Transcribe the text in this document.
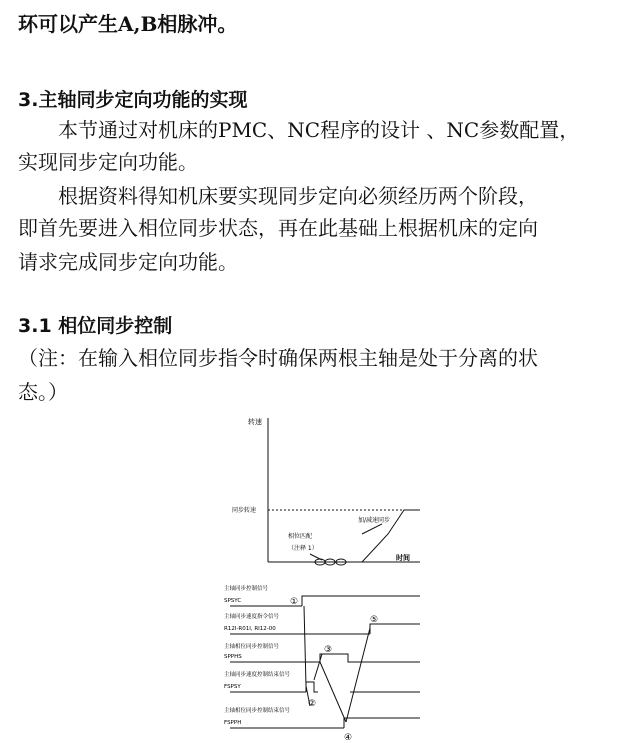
环可以产生A,B相脉冲。
3.主轴同步定向功能的实现
本节通过对机床的PMC、NC程序的设计 、NC参数配置，
实现同步定向功能。
根据资料得知机床要实现同步定向必须经历两个阶段，
即首先要进入相位同步状态，再在此基础上根据机床的定向
请求完成同步定向功能。
3.1 相位同步控制
（注：在输入相位同步指令时确保两根主轴是处于分离的状
态。）
转速
时间
同步转速
加/减速同步
相位匹配
（注释 1）
主轴同步控制信号
SPSYC
主轴同步速度指令信号
R12I-R01I, RI12-00
主轴相位同步控制信号
SPPHS
主轴同步速度控制结束信号
FSPSY
主轴相位同步控制结束信号
FSPPH
①
②
③
④
⑤
